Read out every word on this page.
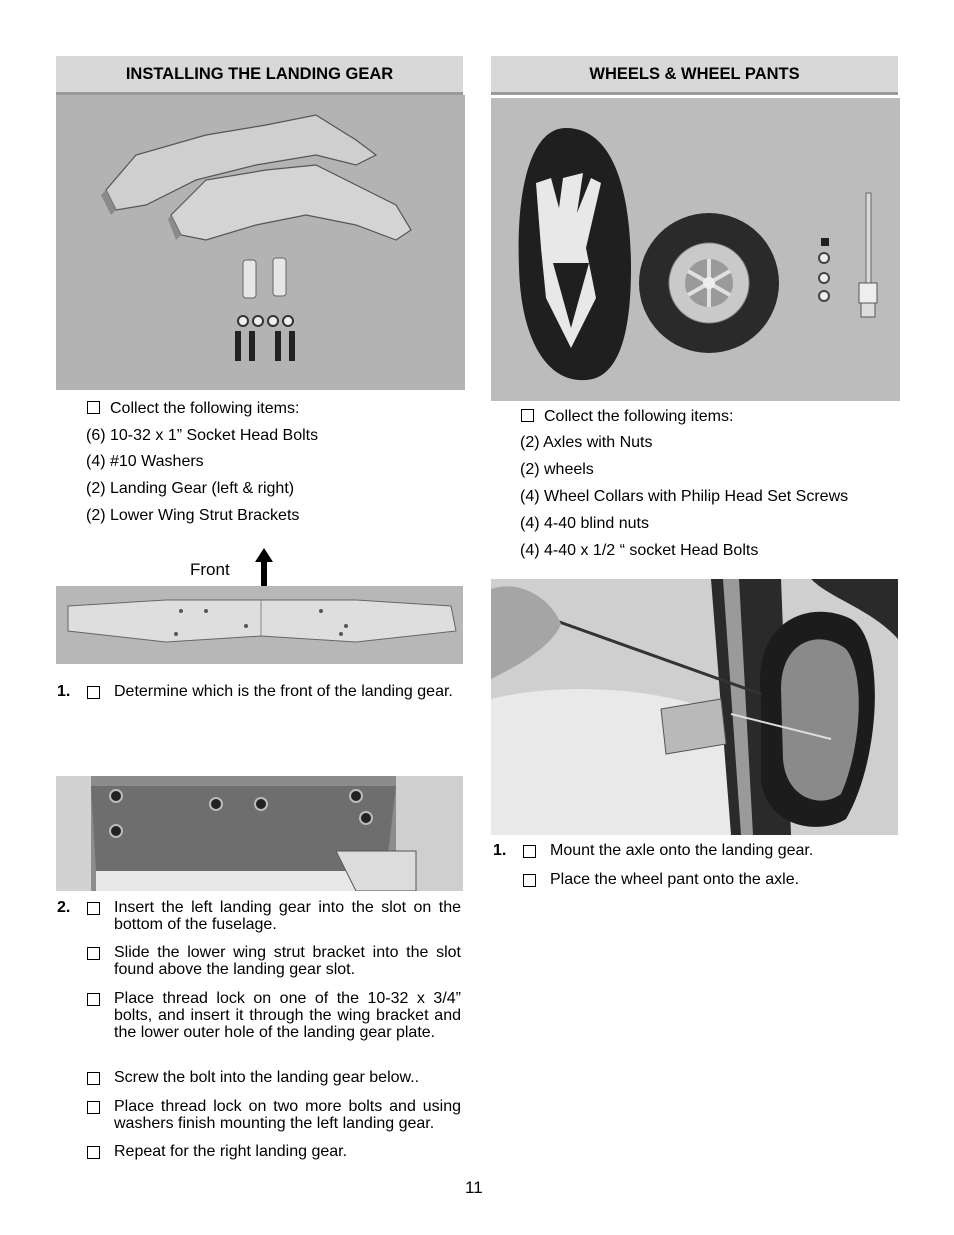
INSTALLING THE LANDING GEAR
Collect the following items:
(6) 10-32 x 1” Socket Head Bolts
(4) #10 Washers
(2) Landing Gear (left & right)
(2) Lower Wing Strut Brackets
Front
1.	Determine which is the front of the landing gear.
2.	Insert the left landing gear into the slot on the bottom of the fuselage.
Slide the lower wing strut bracket into the slot found above the landing gear slot.
Place thread lock on one of the 10-32 x 3/4” bolts, and insert it through the wing bracket and the lower outer hole of the landing gear plate.
Screw the bolt into the landing gear below..
Place thread lock on two more bolts and using washers finish mounting the left landing gear.
Repeat for the right landing gear.
WHEELS & WHEEL PANTS
Collect the following items:
(2) Axles with Nuts
(2) wheels
(4) Wheel Collars with Philip Head Set Screws
(4) 4-40 blind nuts
(4) 4-40 x 1/2 “ socket Head Bolts
1.	Mount the axle onto the landing gear.
Place the wheel pant onto the axle.
11
